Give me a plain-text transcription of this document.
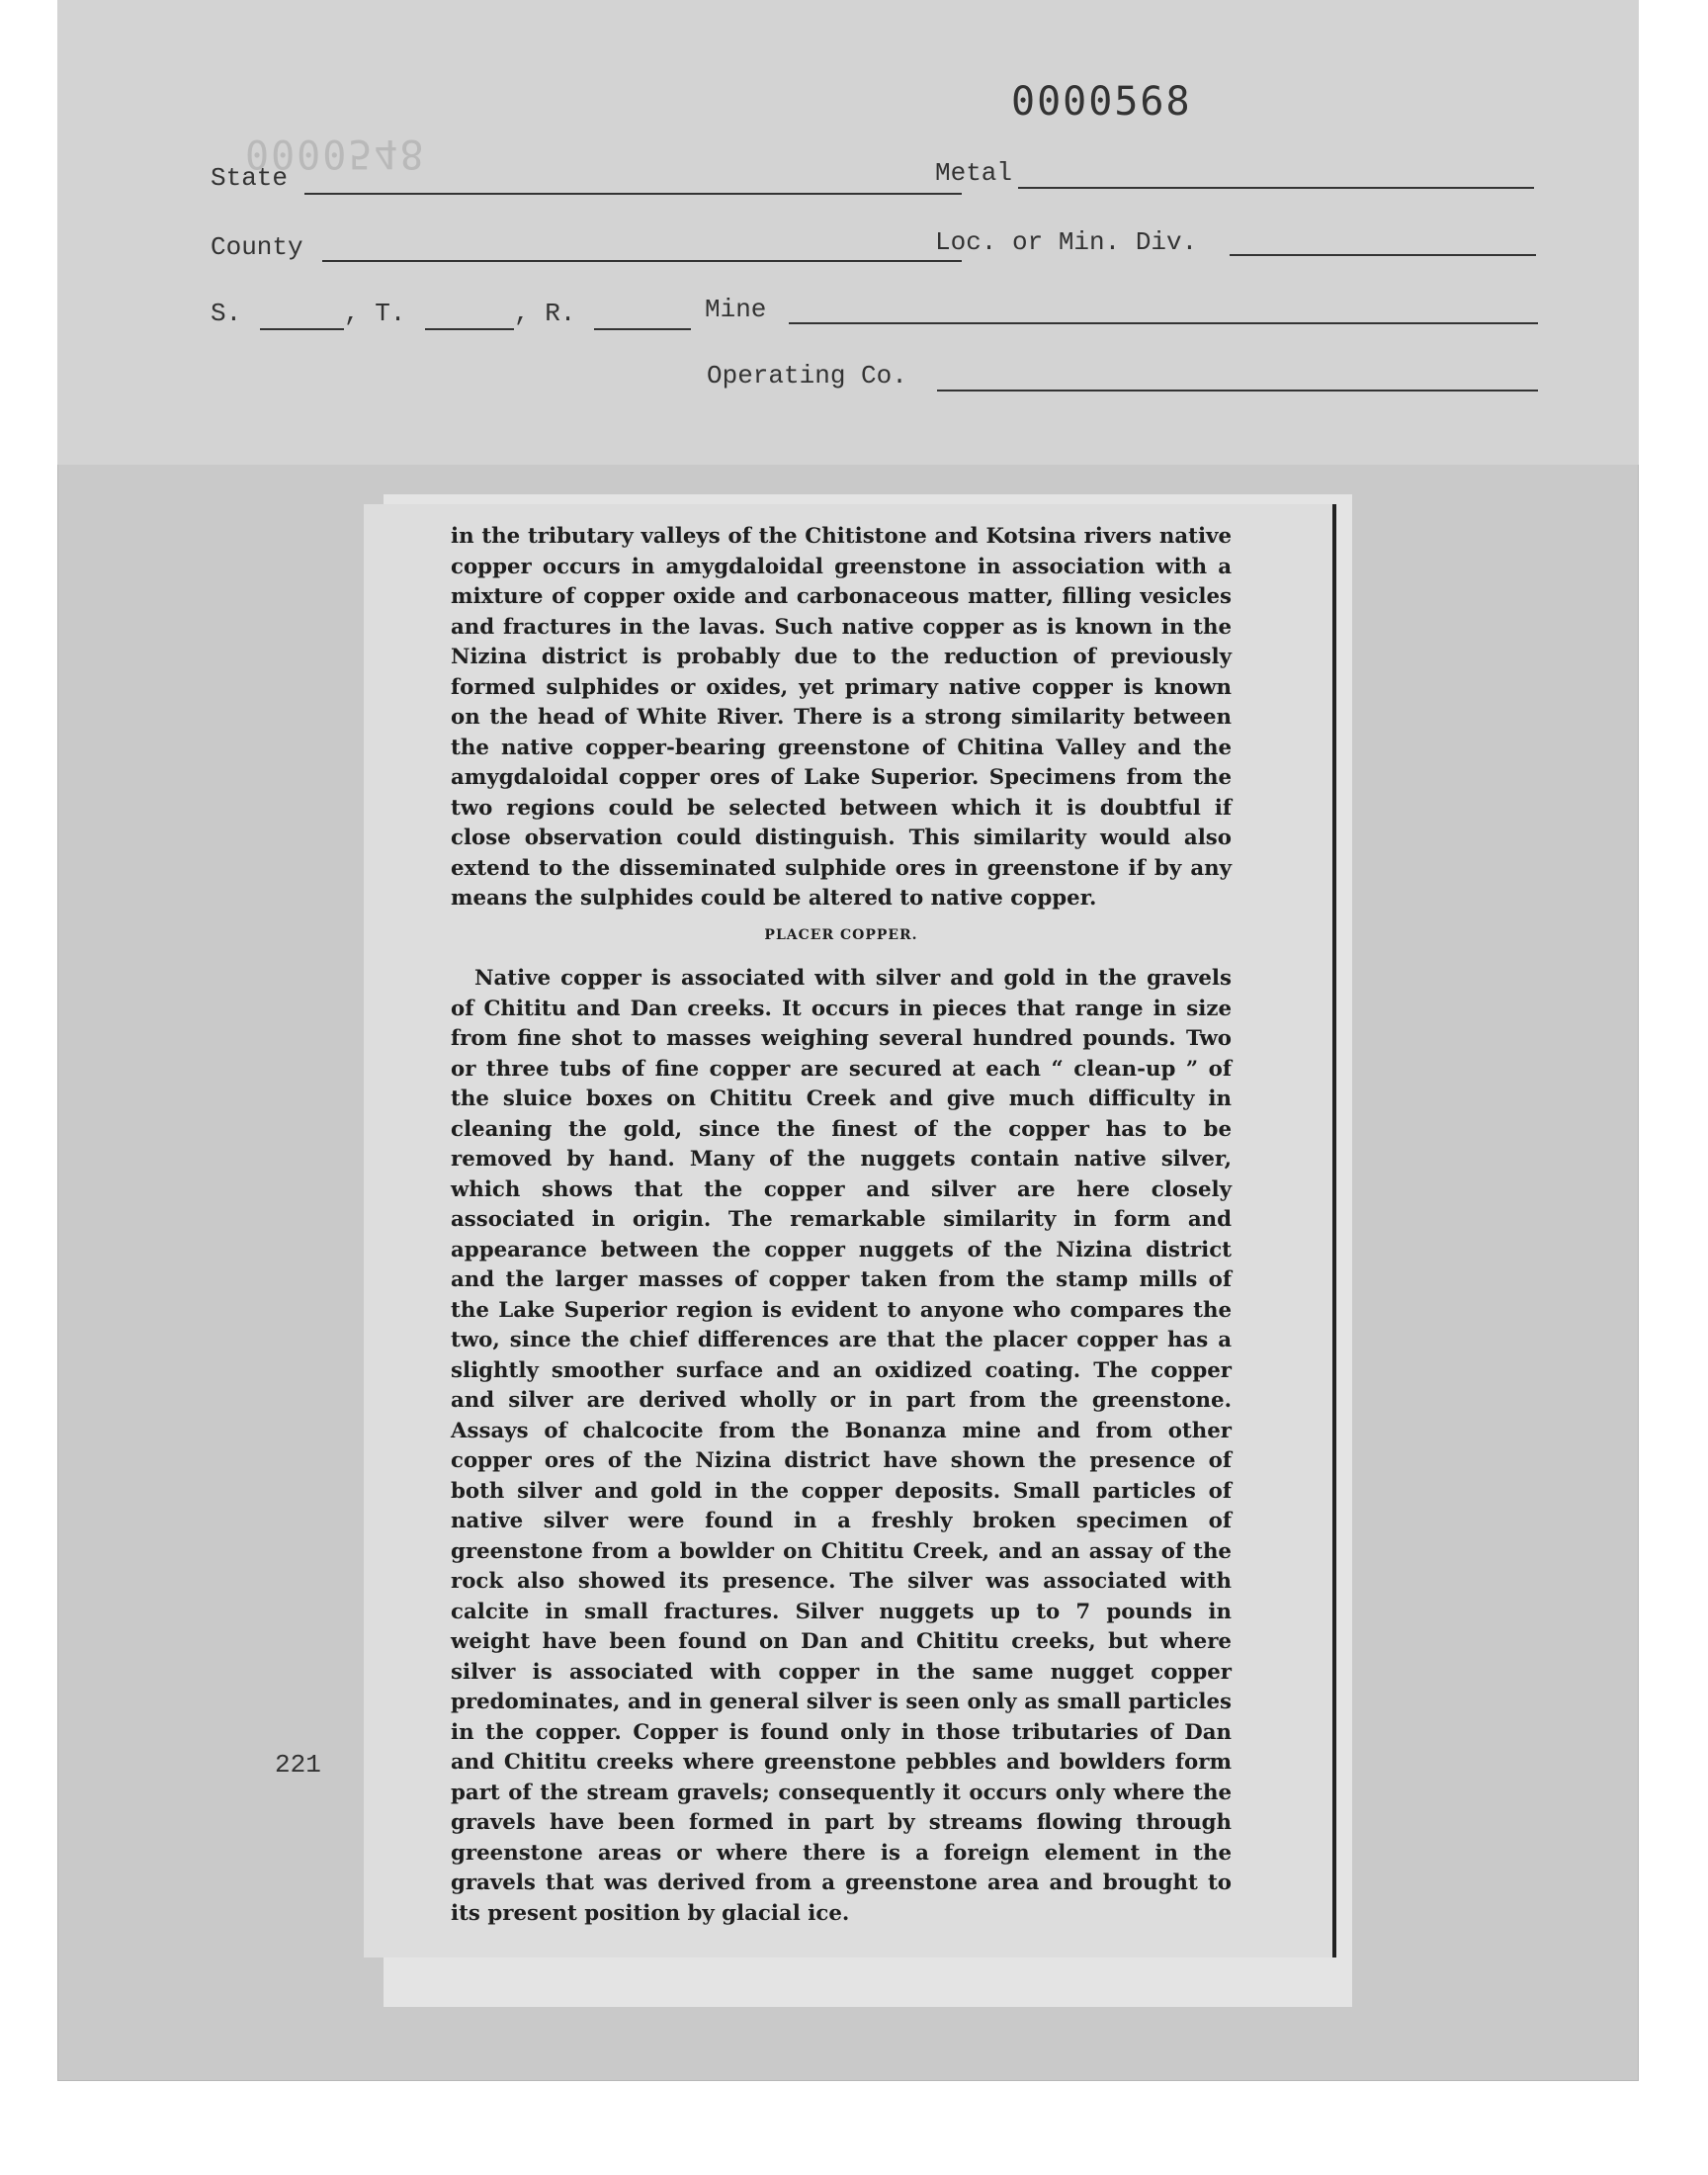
0000568
0000548
State	Metal
County	Loc. or Min. Div.
S.	, T.	, R.	Mine
Operating Co.
221

in the tributary valleys of the Chitistone and Kotsina rivers native copper occurs in amygdaloidal greenstone in association with a mixture of copper oxide and carbonaceous matter, filling vesicles and fractures in the lavas. Such native copper as is known in the Nizina district is probably due to the reduction of previously formed sulphides or oxides, yet primary native copper is known on the head of White River. There is a strong similarity between the native copper-bearing greenstone of Chitina Valley and the amygdaloidal copper ores of Lake Superior. Specimens from the two regions could be selected between which it is doubtful if close observation could distinguish. This similarity would also extend to the disseminated sulphide ores in greenstone if by any means the sulphides could be altered to native copper.

PLACER COPPER.

Native copper is associated with silver and gold in the gravels of Chititu and Dan creeks. It occurs in pieces that range in size from fine shot to masses weighing several hundred pounds. Two or three tubs of fine copper are secured at each “ clean-up ” of the sluice boxes on Chititu Creek and give much difficulty in cleaning the gold, since the finest of the copper has to be removed by hand. Many of the nuggets contain native silver, which shows that the copper and silver are here closely associated in origin. The remarkable similarity in form and appearance between the copper nuggets of the Nizina district and the larger masses of copper taken from the stamp mills of the Lake Superior region is evident to anyone who compares the two, since the chief differences are that the placer copper has a slightly smoother surface and an oxidized coating. The copper and silver are derived wholly or in part from the greenstone. Assays of chalcocite from the Bonanza mine and from other copper ores of the Nizina district have shown the presence of both silver and gold in the copper deposits. Small particles of native silver were found in a freshly broken specimen of greenstone from a bowlder on Chititu Creek, and an assay of the rock also showed its presence. The silver was associated with calcite in small fractures. Silver nuggets up to 7 pounds in weight have been found on Dan and Chititu creeks, but where silver is associated with copper in the same nugget copper predominates, and in general silver is seen only as small particles in the copper. Copper is found only in those tributaries of Dan and Chititu creeks where greenstone pebbles and bowlders form part of the stream gravels; consequently it occurs only where the gravels have been formed in part by streams flowing through greenstone areas or where there is a foreign element in the gravels that was derived from a greenstone area and brought to its present position by glacial ice.
